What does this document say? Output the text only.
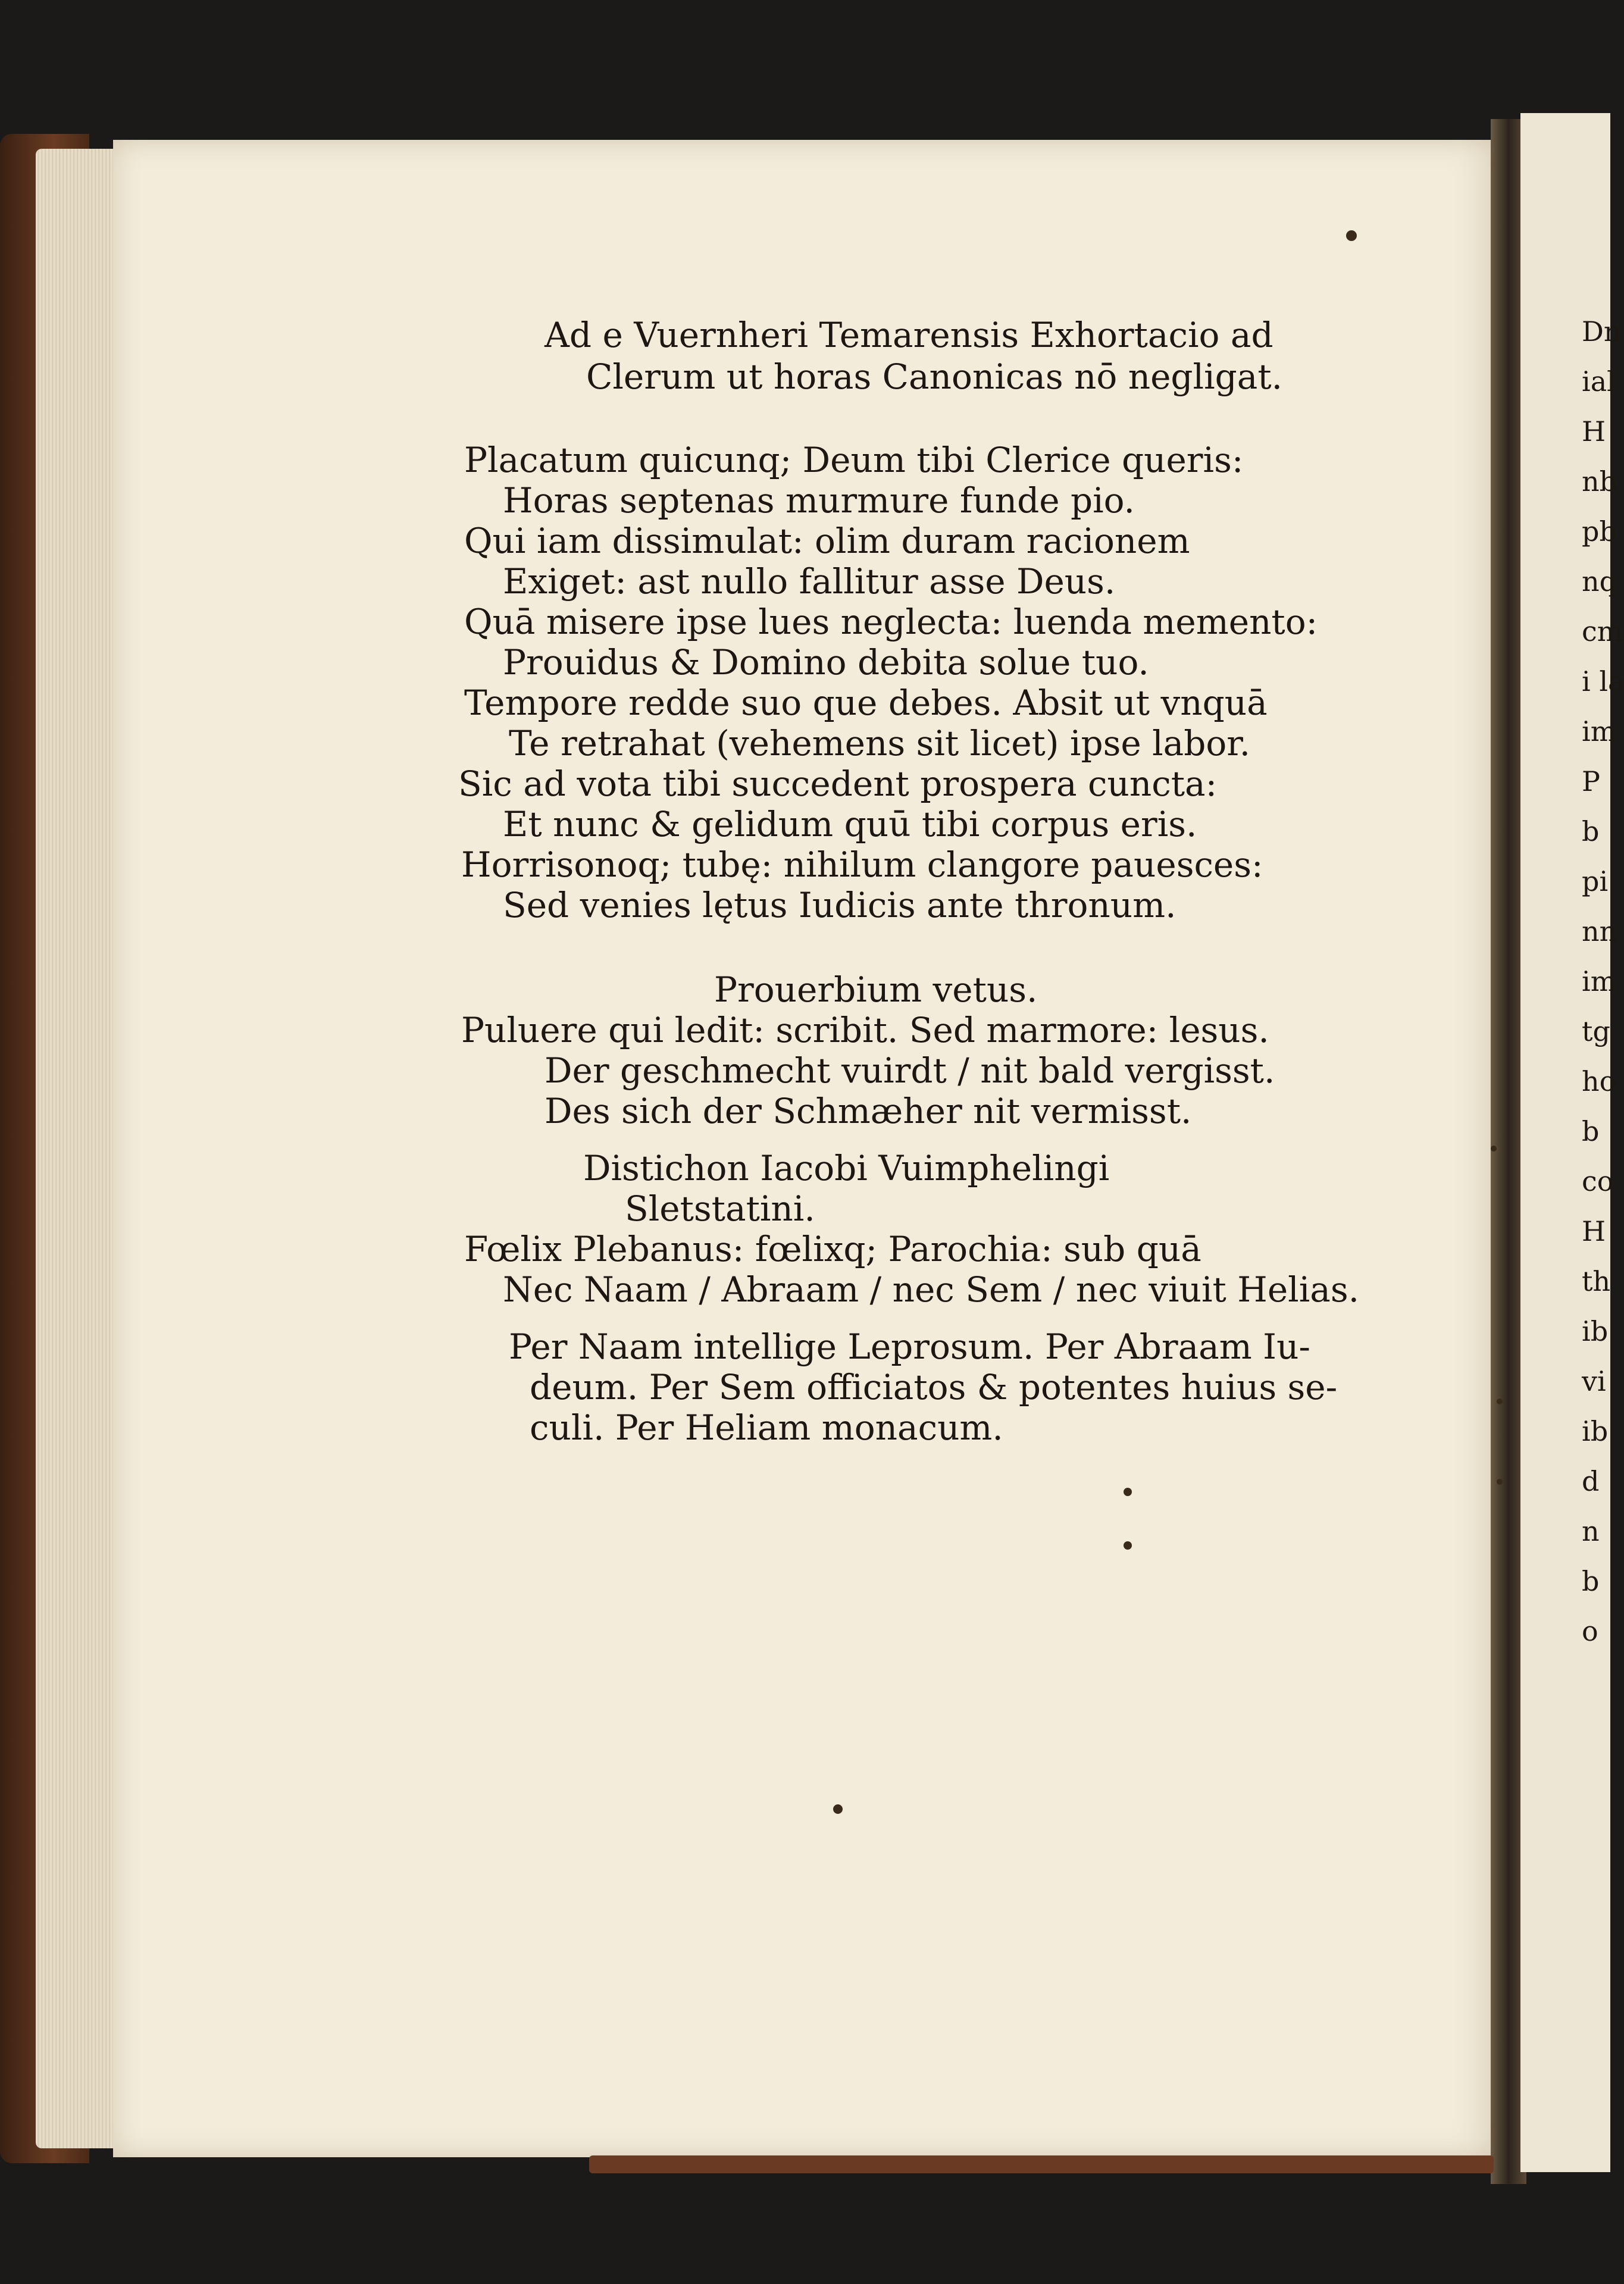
Dn
ial
H
nb
pb
nq
cm
i la
im
P
b
pi
nn
im
tg
ho
b
co
H
th
ib
vi
ib
d
n
b
o
Ad e Vuernheri Temarensis Exhortacio ad
Clerum ut horas Canonicas nō negligat.
Placatum quicunq; Deum tibi Clerice queris:
Horas septenas murmure funde pio.
Qui iam dissimulat: olim duram racionem
Exiget: ast nullo fallitur asse Deus.
Quā misere ipse lues neglecta: luenda memento:
Prouidus & Domino debita solue tuo.
Tempore redde suo que debes. Absit ut vnquā
Te retrahat (vehemens sit licet) ipse labor.
Sic ad vota tibi succedent prospera cuncta:
Et nunc & gelidum quū tibi corpus eris.
Horrisonoq; tubę: nihilum clangore pauesces:
Sed venies lętus Iudicis ante thronum.
Prouerbium vetus.
Puluere qui ledit: scribit. Sed marmore: lesus.
Der geschmecht vuirdt / nit bald vergisst.
Des sich der Schmæher nit vermisst.
Distichon Iacobi Vuimphelingi
Sletstatini.
Fœlix Plebanus: fœlixq; Parochia: sub quā
Nec Naam / Abraam / nec Sem / nec viuit Helias.
Per Naam intellige Leprosum. Per Abraam Iu-
deum. Per Sem officiatos & potentes huius se-
culi. Per Heliam monacum.
